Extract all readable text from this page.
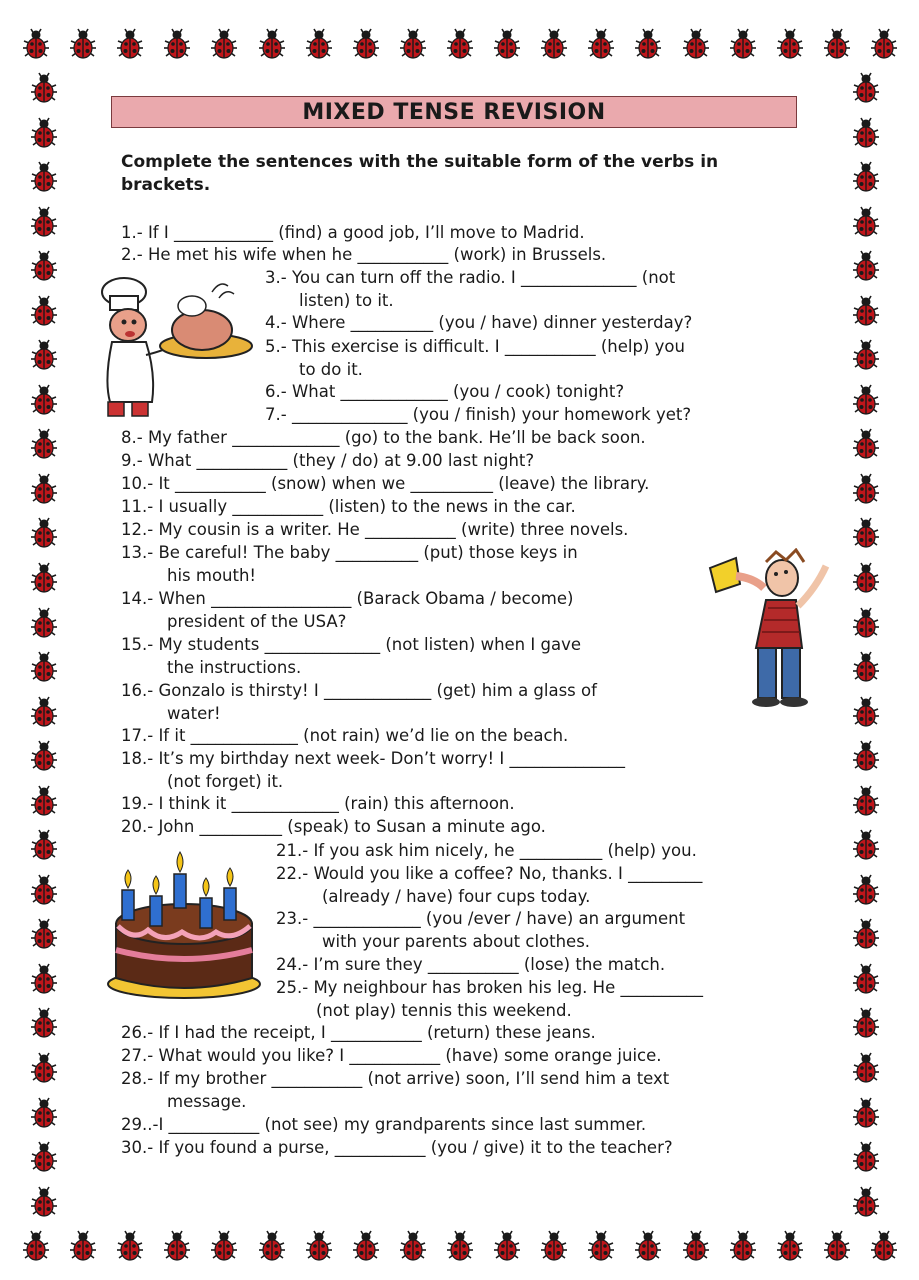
MIXED TENSE REVISION
Complete the sentences with the suitable form of the verbs in brackets.
1.- If I ____________ (find) a good job, I’ll move to Madrid.
2.- He met his wife when he ___________ (work) in Brussels.
3.- You can turn off the radio. I ______________ (not
listen) to it.
4.- Where __________ (you / have) dinner yesterday?
5.- This exercise is difficult. I ___________ (help) you
to do it.
6.- What _____________ (you / cook) tonight?
7.- ______________ (you / finish) your homework yet?
8.- My father _____________ (go) to the bank. He’ll be back soon.
9.- What ___________ (they / do) at 9.00 last night?
10.- It ___________ (snow) when we __________ (leave) the library.
11.- I usually ___________ (listen) to the news in the car.
12.- My cousin is a writer. He ___________ (write) three novels.
13.- Be careful! The baby __________ (put) those keys in
his mouth!
14.- When _________________ (Barack Obama / become)
president of the USA?
15.- My students ______________ (not listen) when I gave
the instructions.
16.- Gonzalo is thirsty! I _____________ (get) him a glass of
water!
17.- If it _____________ (not rain) we’d lie on the beach.
18.- It’s my birthday next week- Don’t worry! I ______________
(not forget) it.
19.- I think it _____________ (rain) this afternoon.
20.- John __________ (speak) to Susan a minute ago.
21.- If you ask him nicely, he __________ (help) you.
22.- Would you like a coffee? No, thanks. I _________
(already / have) four cups today.
23.- _____________ (you /ever / have) an argument
with your parents about clothes.
24.- I’m sure they ___________ (lose) the match.
25.- My neighbour has broken his leg. He __________
(not play) tennis this weekend.
26.- If I had the receipt, I ___________ (return) these jeans.
27.- What would you like? I ___________ (have) some orange juice.
28.- If my brother ___________ (not arrive) soon, I’ll send him a text
message.
29..-I ___________ (not see) my grandparents since last summer.
30.- If you found a purse, ___________ (you / give) it to the teacher?
